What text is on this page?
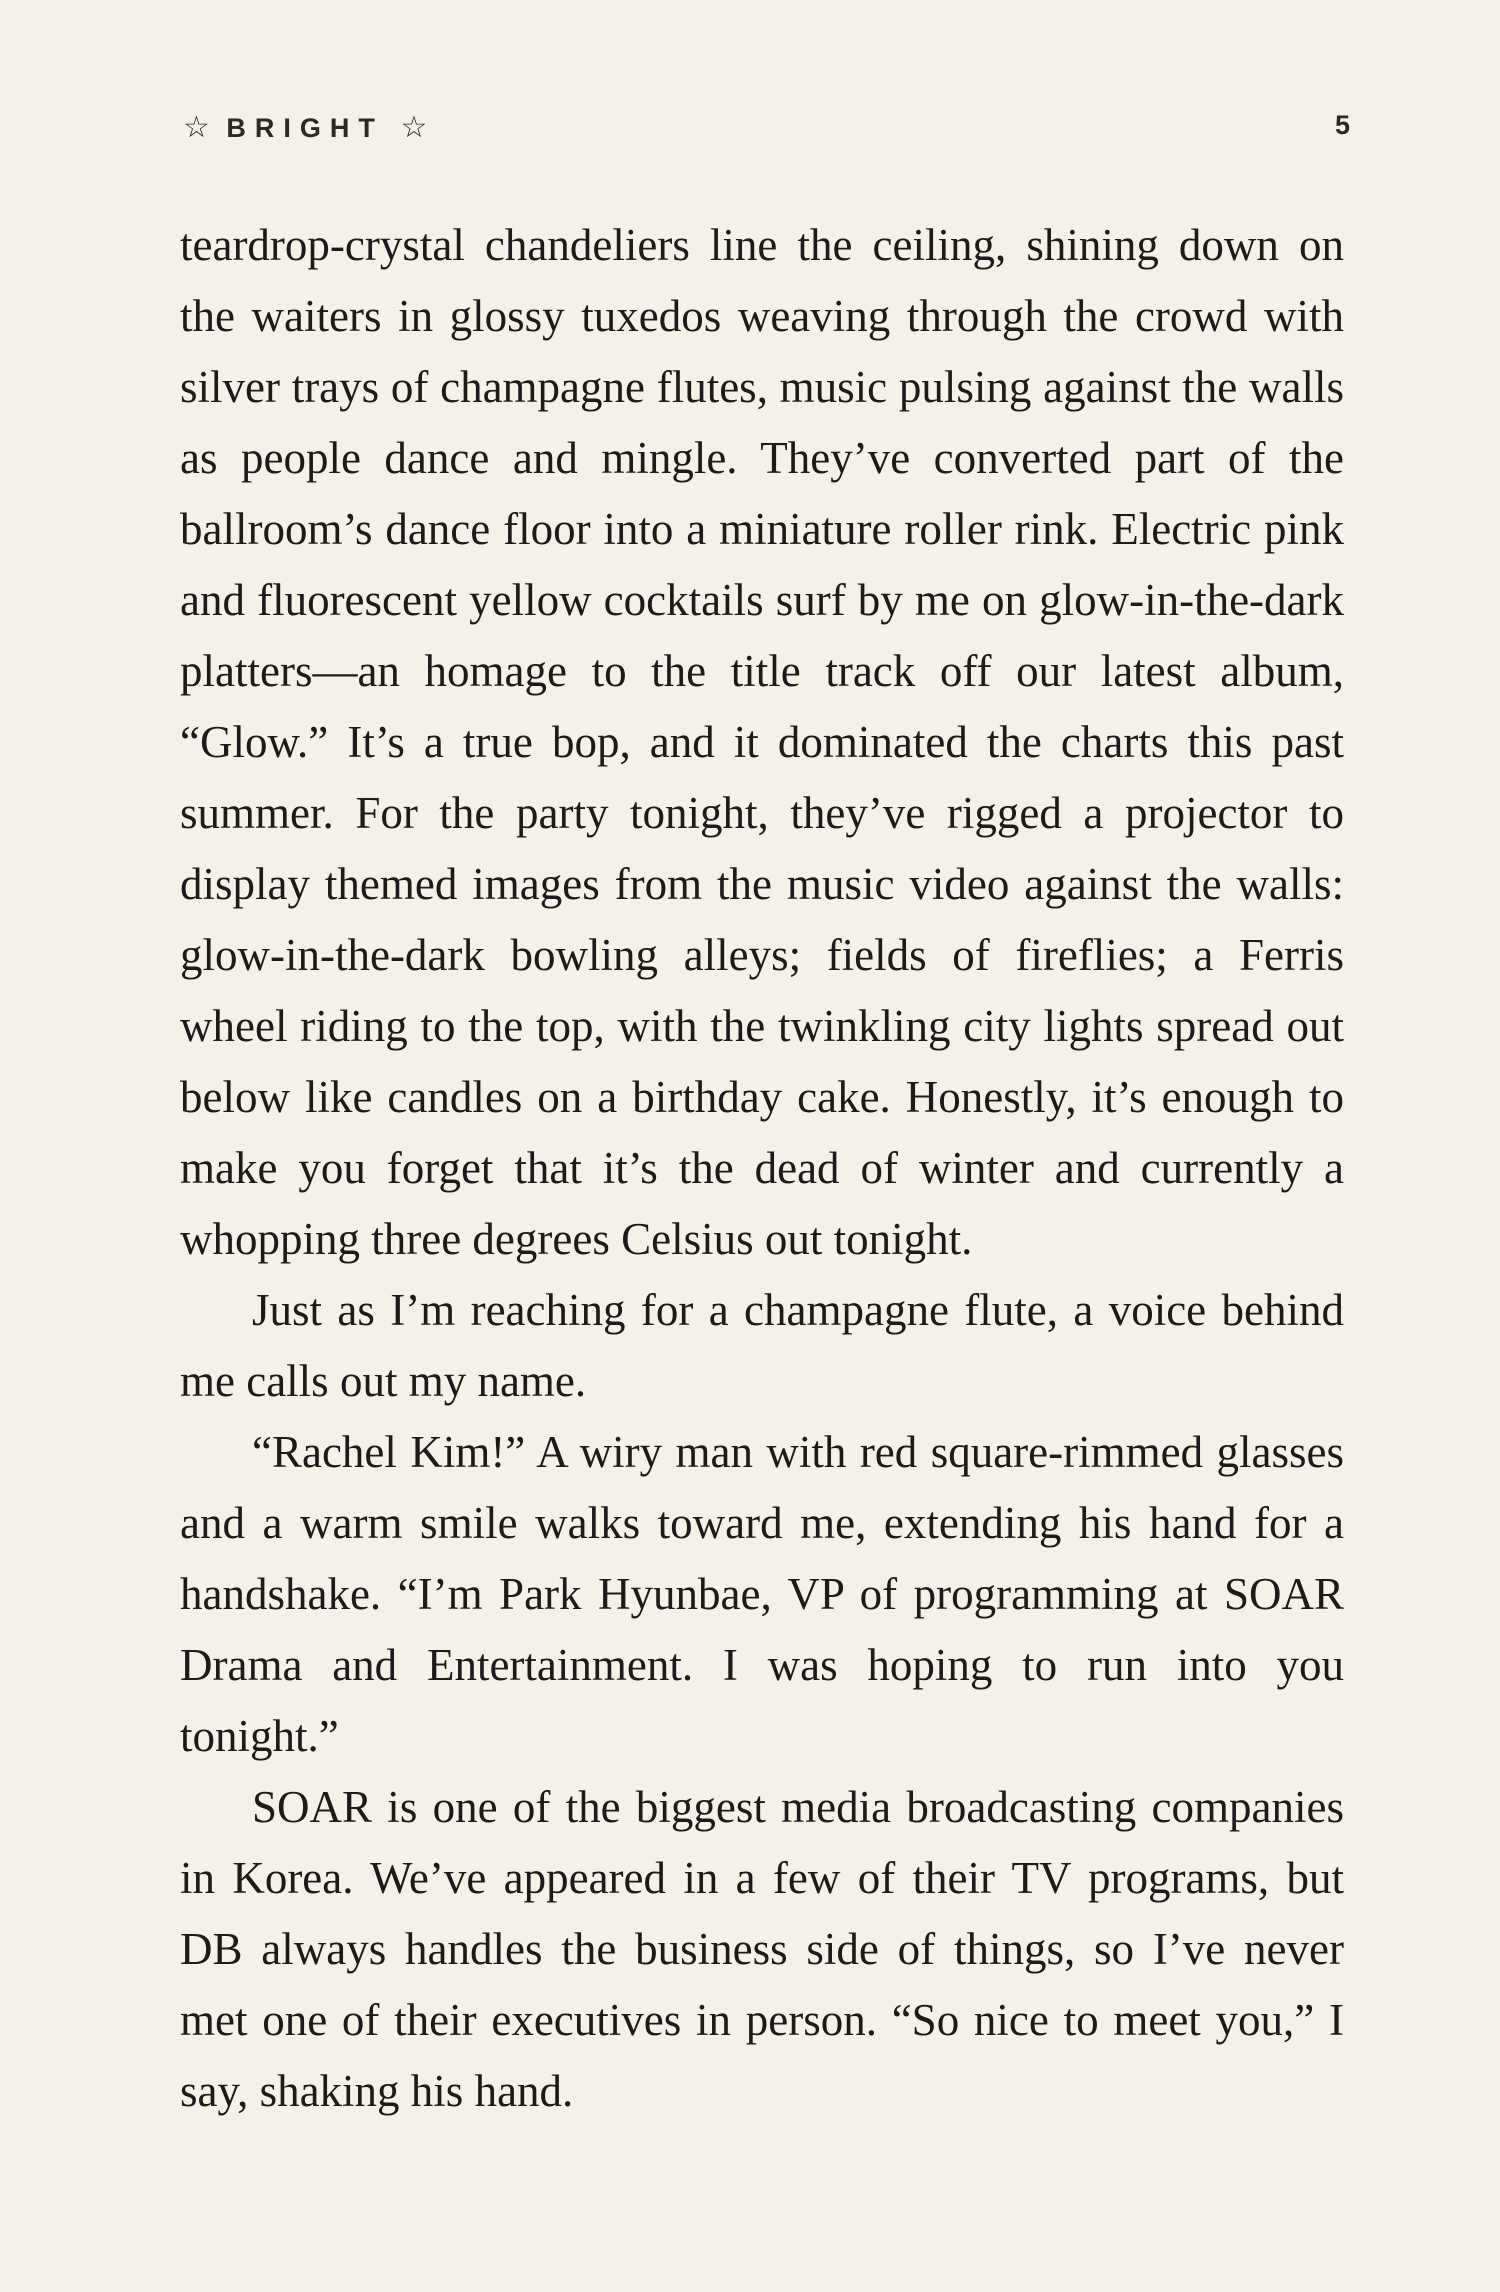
☆ BRIGHT ☆	5

teardrop-crystal chandeliers line the ceiling, shining down on the waiters in glossy tuxedos weaving through the crowd with silver trays of champagne flutes, music pulsing against the walls as people dance and mingle. They’ve converted part of the ballroom’s dance floor into a miniature roller rink. Electric pink and fluorescent yellow cocktails surf by me on glow-in-the-dark platters—an homage to the title track off our latest album, “Glow.” It’s a true bop, and it dominated the charts this past summer. For the party tonight, they’ve rigged a projector to display themed images from the music video against the walls: glow-in-the-dark bowling alleys; fields of fireflies; a Ferris wheel riding to the top, with the twinkling city lights spread out below like candles on a birthday cake. Honestly, it’s enough to make you forget that it’s the dead of winter and currently a whopping three degrees Celsius out tonight.

Just as I’m reaching for a champagne flute, a voice behind me calls out my name.

“Rachel Kim!” A wiry man with red square-rimmed glasses and a warm smile walks toward me, extending his hand for a handshake. “I’m Park Hyunbae, VP of programming at SOAR Drama and Entertainment. I was hoping to run into you tonight.”

SOAR is one of the biggest media broadcasting companies in Korea. We’ve appeared in a few of their TV programs, but DB always handles the business side of things, so I’ve never met one of their executives in person. “So nice to meet you,” I say, shaking his hand.
